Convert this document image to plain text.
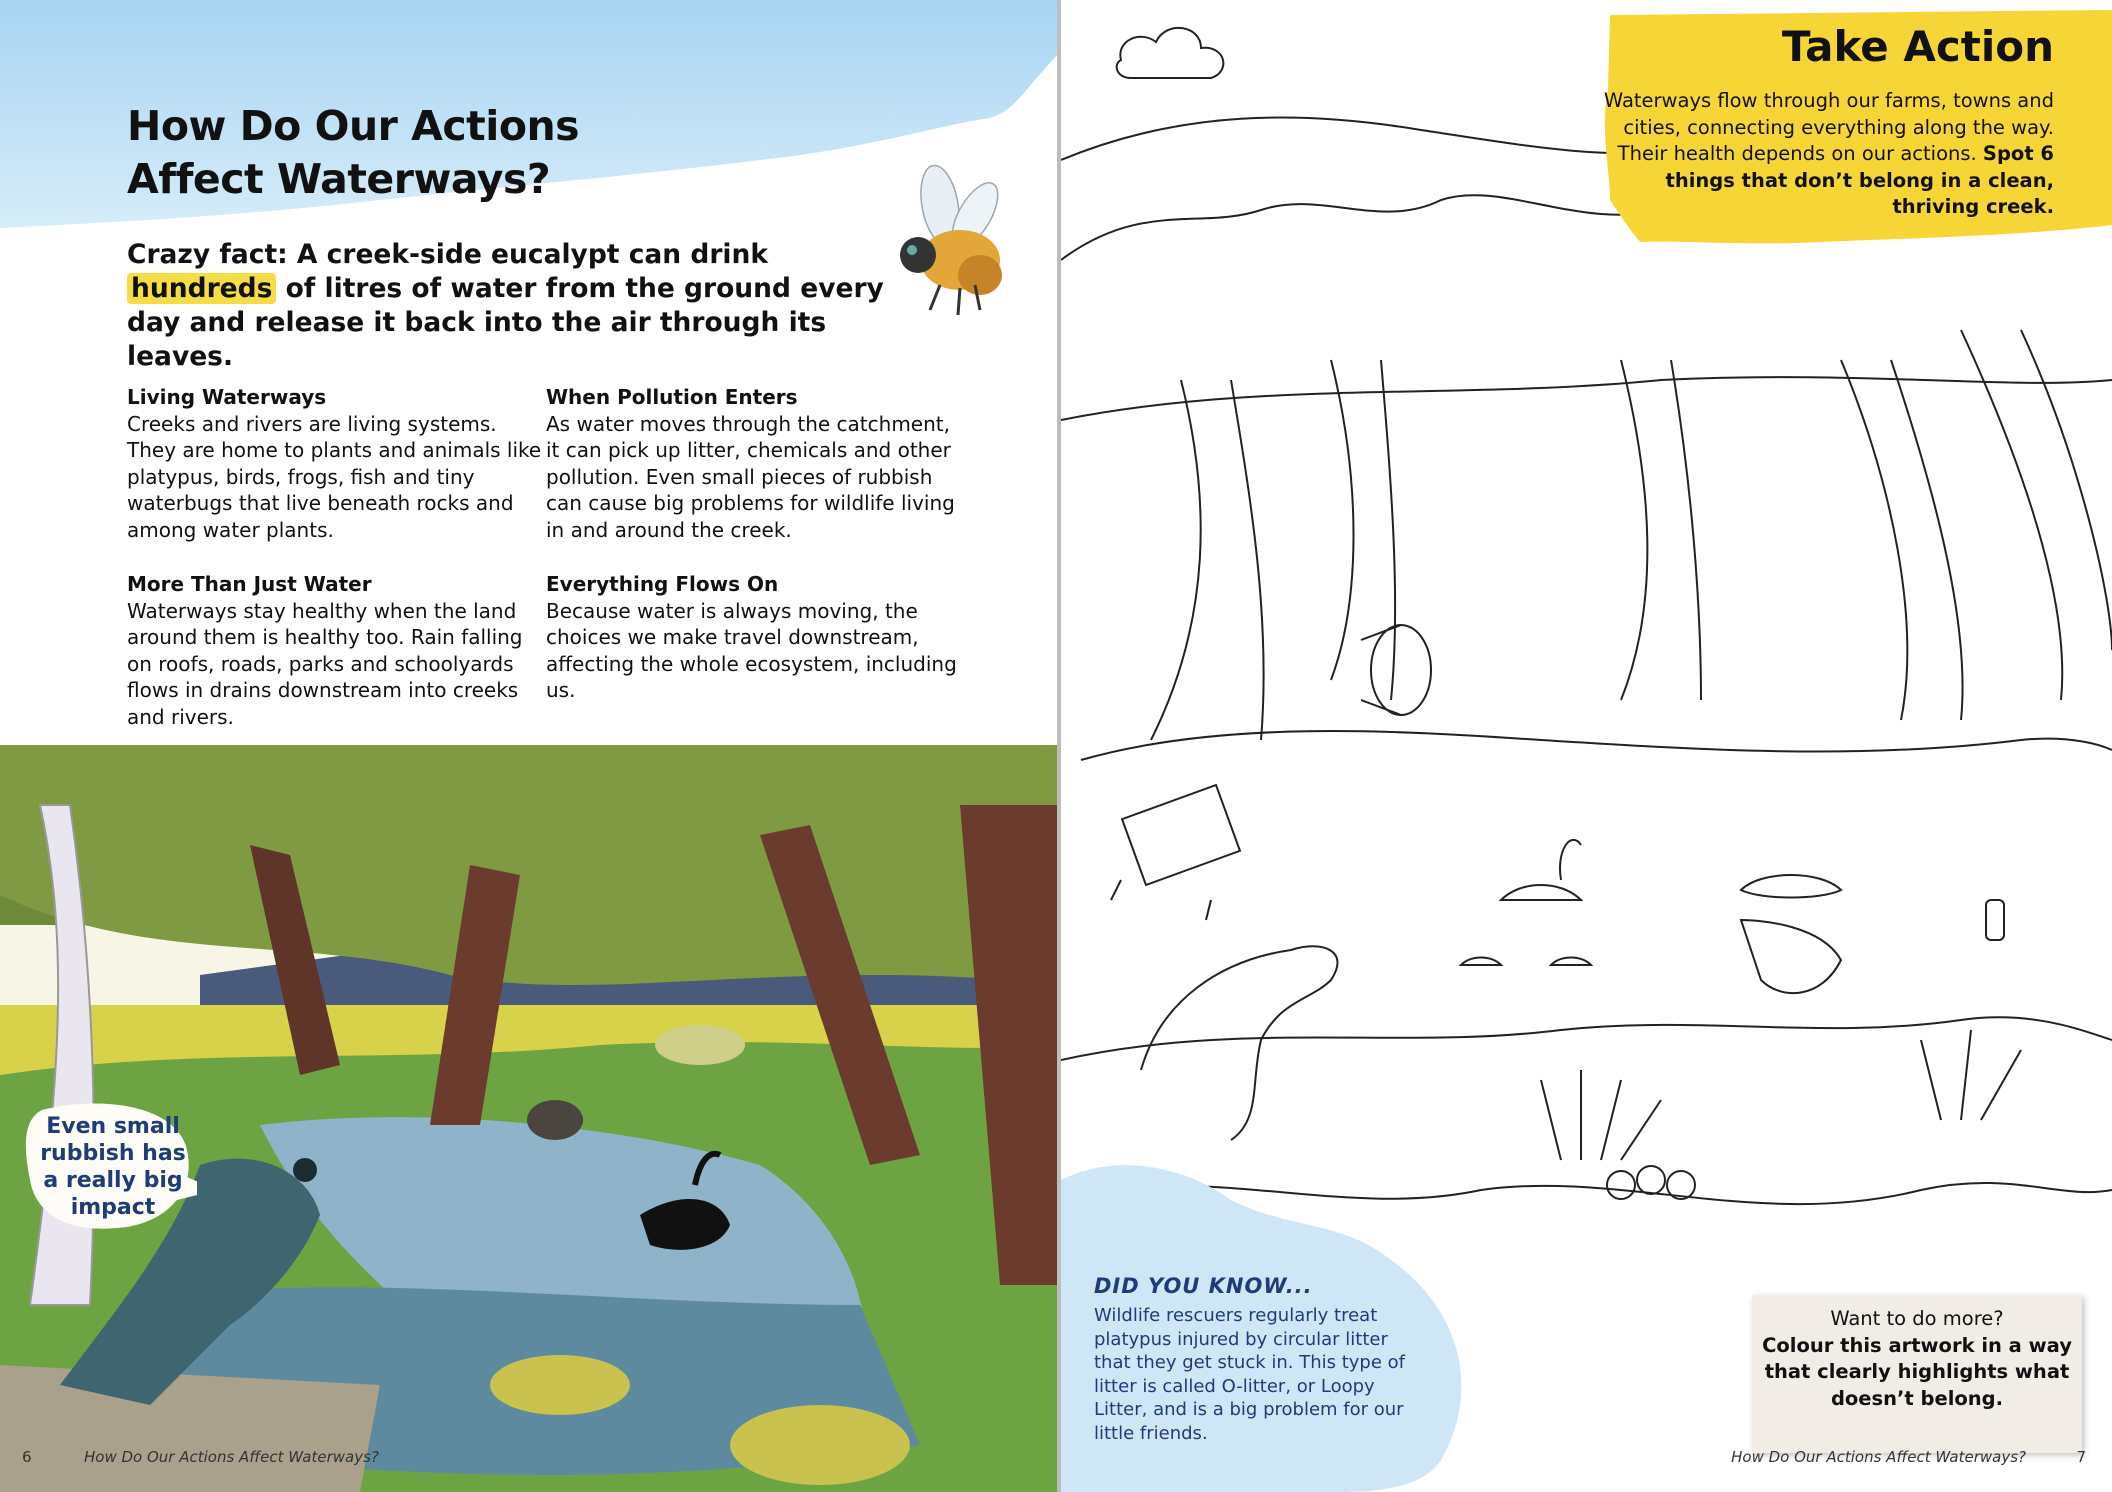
How Do Our Actions
Affect Waterways?
Crazy fact: A creek-side eucalypt can drink hundreds of litres of water from the ground every day and release it back into the air through its leaves.
Living Waterways

Creeks and rivers are living systems. They are home to plants and animals like platypus, birds, frogs, fish and tiny waterbugs that live beneath rocks and among water plants.

When Pollution Enters

As water moves through the catchment, it can pick up litter, chemicals and other pollution. Even small pieces of rubbish can cause big problems for wildlife living in and around the creek.

More Than Just Water

Waterways stay healthy when the land around them is healthy too. Rain falling on roofs, roads, parks and schoolyards flows in drains downstream into creeks and rivers.

Everything Flows On

Because water is always moving, the choices we make travel downstream, affecting the whole ecosystem, including us.

Even small rubbish has a really big impact
6	How Do Our Actions Affect Waterways?
DID YOU KNOW...
Wildlife rescuers regularly treat platypus injured by circular litter that they get stuck in. This type of litter is called O-litter, or Loopy Litter, and is a big problem for our little friends.
Want to do more?
Colour this artwork in a way that clearly highlights what doesn’t belong.
7
How Do Our Actions Affect Waterways?
Take Action
Waterways flow through our farms, towns and cities, connecting everything along the way. Their health depends on our actions. Spot 6 things that don’t belong in a clean, thriving creek.
